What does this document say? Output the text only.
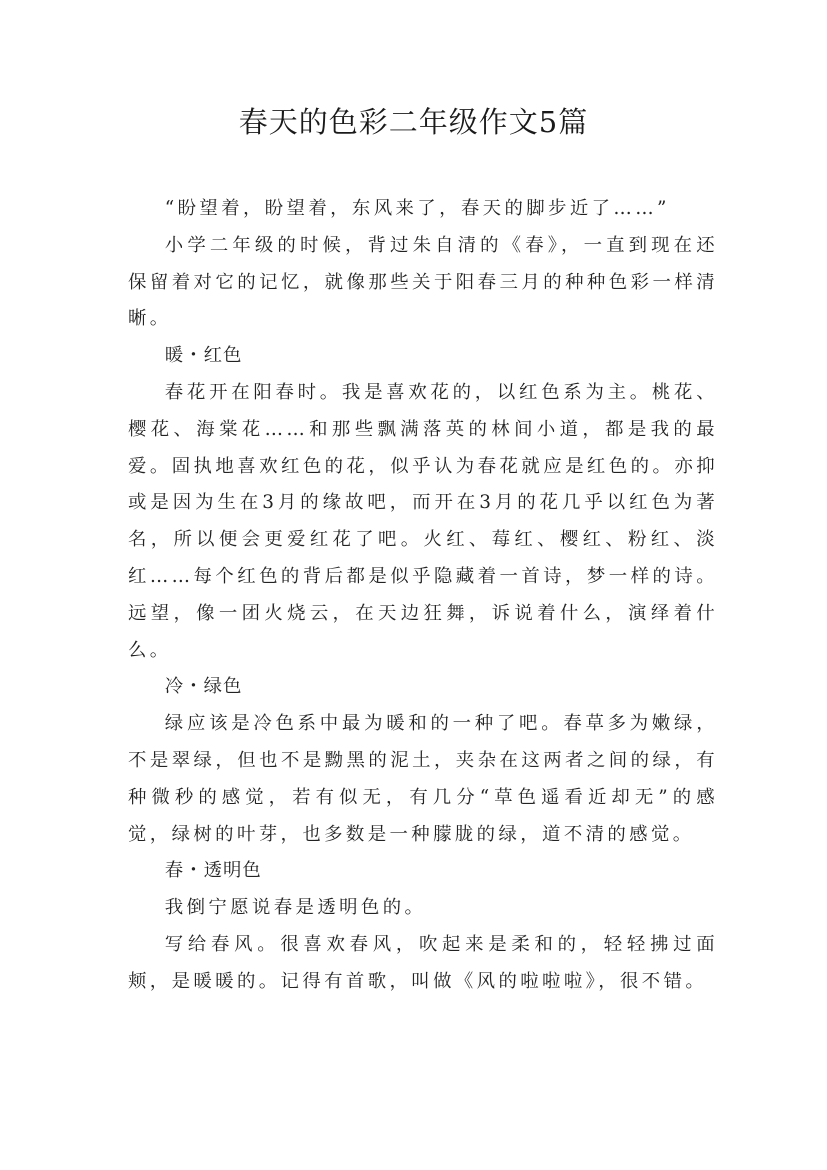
春天的色彩二年级作文5篇

“盼望着，盼望着，东风来了，春天的脚步近了……”

小学二年级的时候，背过朱自清的《春》，一直到现在还保留着对它的记忆，就像那些关于阳春三月的种种色彩一样清晰。

暖・红色

春花开在阳春时。我是喜欢花的，以红色系为主。桃花、樱花、海棠花……和那些飘满落英的林间小道，都是我的最爱。固执地喜欢红色的花，似乎认为春花就应是红色的。亦抑或是因为生在3月的缘故吧，而开在3月的花几乎以红色为著名，所以便会更爱红花了吧。火红、莓红、樱红、粉红、淡红……每个红色的背后都是似乎隐藏着一首诗，梦一样的诗。远望，像一团火烧云，在天边狂舞，诉说着什么，演绎着什么。

冷・绿色

绿应该是冷色系中最为暖和的一种了吧。春草多为嫩绿，不是翠绿，但也不是黝黑的泥土，夹杂在这两者之间的绿，有种微秒的感觉，若有似无，有几分“草色遥看近却无”的感觉，绿树的叶芽，也多数是一种朦胧的绿，道不清的感觉。

春・透明色

我倒宁愿说春是透明色的。

写给春风。很喜欢春风，吹起来是柔和的，轻轻拂过面颊，是暖暖的。记得有首歌，叫做《风的啦啦啦》，很不错。
